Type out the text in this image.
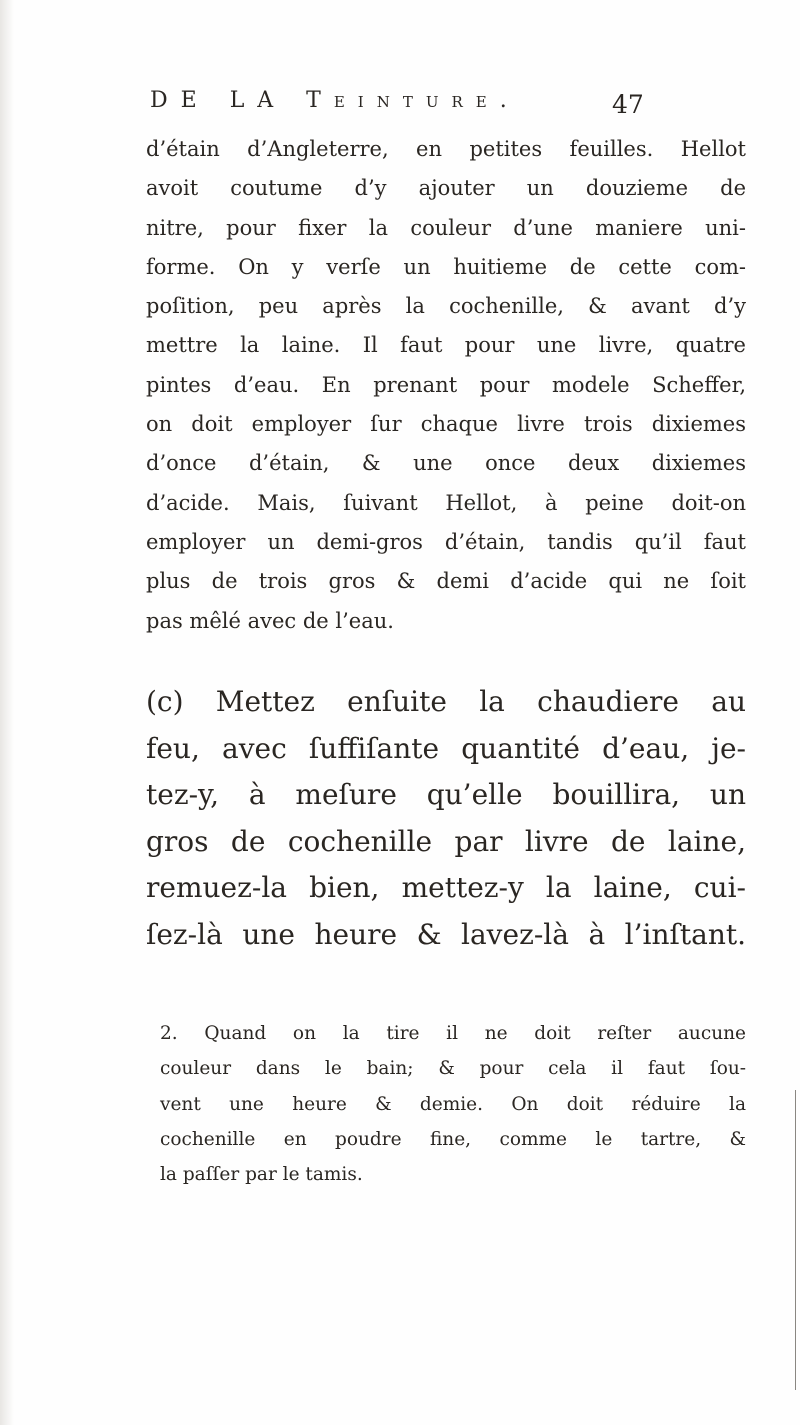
DE LA Teinture.	47

d’étain d’Angleterre, en petites feuilles. Hellot
avoit coutume d’y ajouter un douzieme de
nitre, pour fixer la couleur d’une maniere uni-
forme. On y verſe un huitieme de cette com-
poſition, peu après la cochenille, & avant d’y
mettre la laine. Il faut pour une livre, quatre
pintes d’eau. En prenant pour modele Scheffer,
on doit employer ſur chaque livre trois dixiemes
d’once d’étain, & une once deux dixiemes
d’acide. Mais, ſuivant Hellot, à peine doit-on
employer un demi-gros d’étain, tandis qu’il faut
plus de trois gros & demi d’acide qui ne ſoit
pas mêlé avec de l’eau.

(c) Mettez enſuite la chaudiere au
feu, avec ſuffiſante quantité d’eau, je-
tez-y, à meſure qu’elle bouillira, un
gros de cochenille par livre de laine,
remuez-la bien, mettez-y la laine, cui-
ſez-là une heure & lavez-là à l’inſtant.

2. Quand on la tire il ne doit reſter aucune
couleur dans le bain; & pour cela il faut ſou-
vent une heure & demie. On doit réduire la
cochenille en poudre fine, comme le tartre, &
la paſſer par le tamis.
